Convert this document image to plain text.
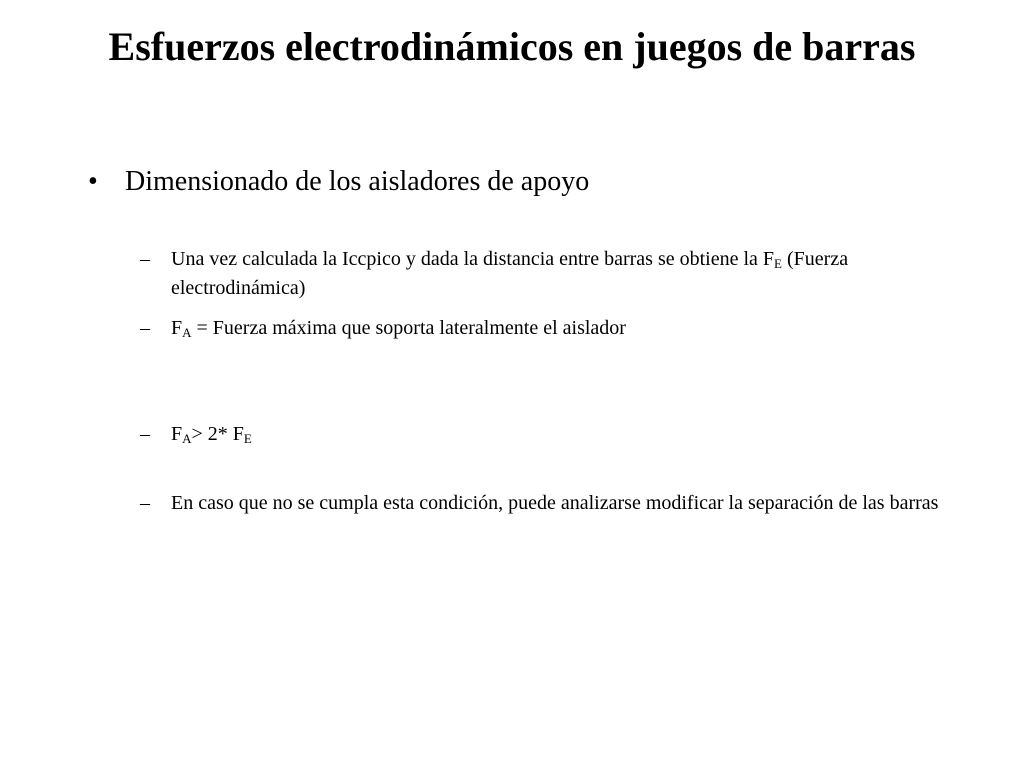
Esfuerzos electrodinámicos en juegos de barras
• Dimensionado de los aisladores de apoyo
– Una vez calculada la Iccpico y dada la distancia entre barras se obtiene la $F_E$ (Fuerza electrodinámica)
– $F_A$ = Fuerza máxima que soporta lateralmente el aislador
– $F_A> 2*$ $F_E$
– En caso que no se cumpla esta condición, puede analizarse modificar la separación de las barras
